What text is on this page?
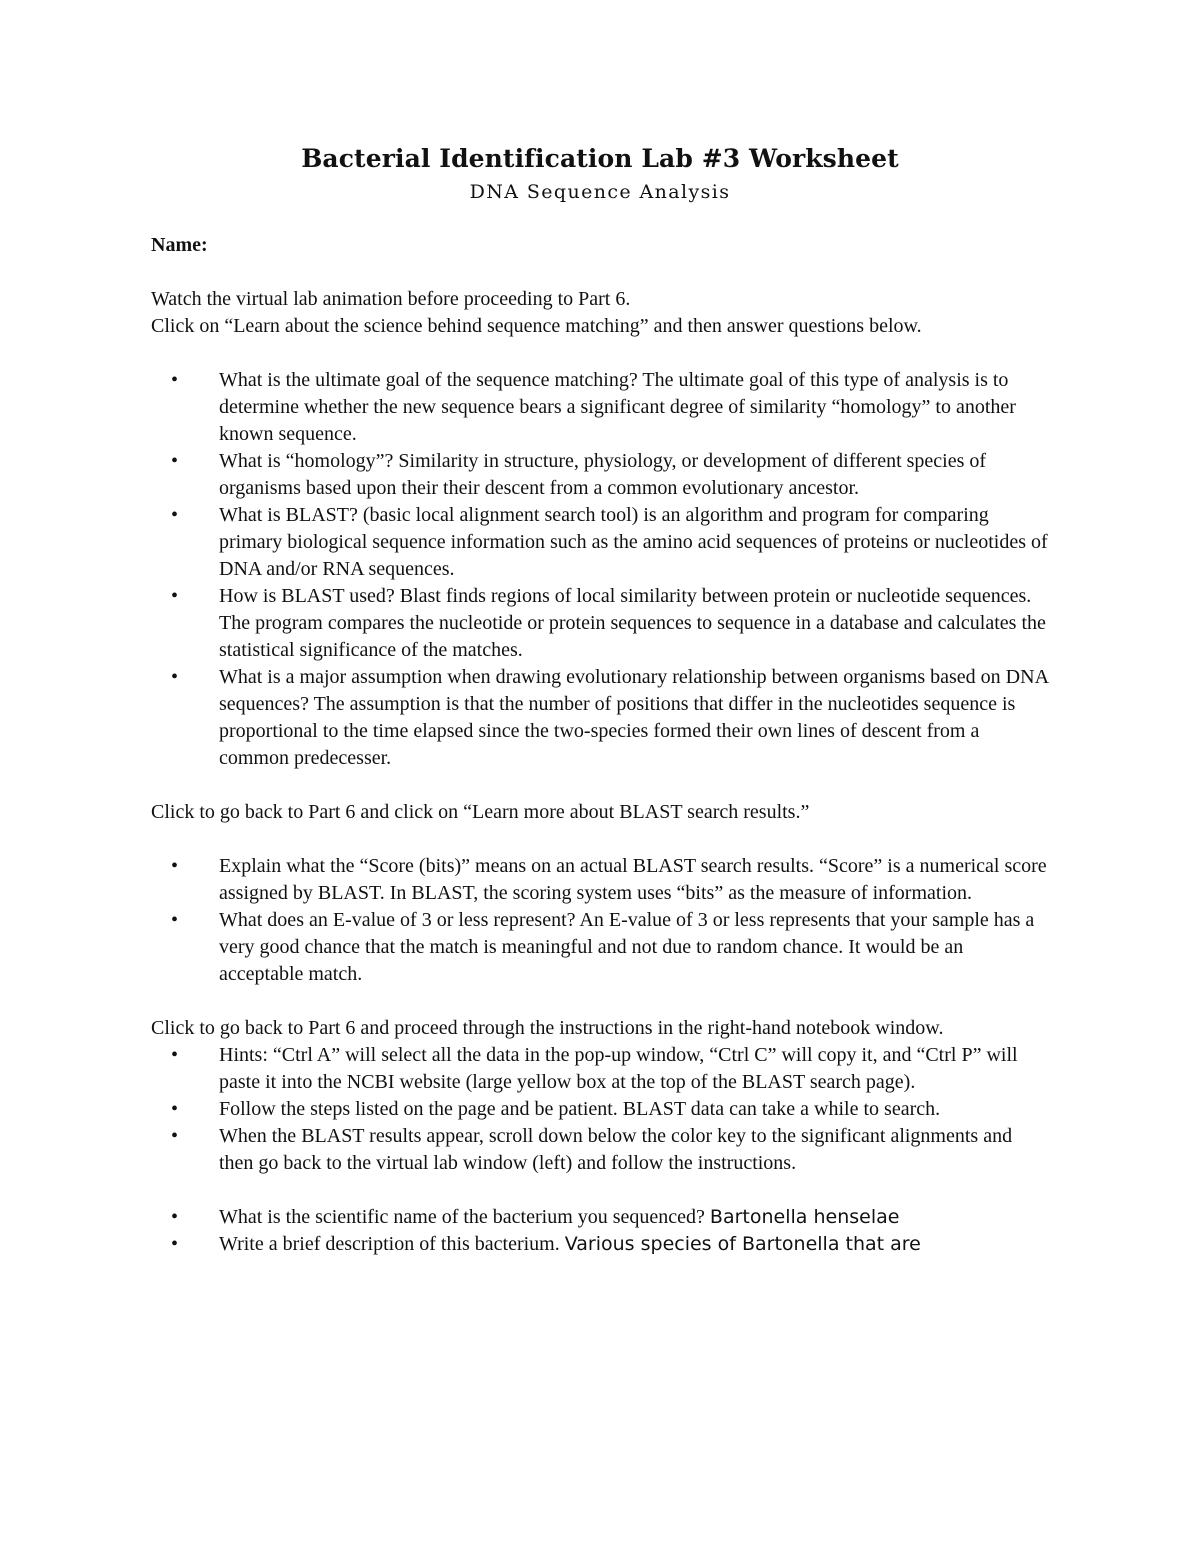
Bacterial Identification Lab #3 Worksheet
DNA Sequence Analysis

Name:

Watch the virtual lab animation before proceeding to Part 6.

Click on “Learn about the science behind sequence matching” and then answer questions below.

• What is the ultimate goal of the sequence matching? The ultimate goal of this type of analysis is to determine whether the new sequence bears a significant degree of similarity “homology” to another known sequence.
• What is “homology”? Similarity in structure, physiology, or development of different species of organisms based upon their their descent from a common evolutionary ancestor.
• What is BLAST? (basic local alignment search tool) is an algorithm and program for comparing primary biological sequence information such as the amino acid sequences of proteins or nucleotides of DNA and/or RNA sequences.
• How is BLAST used? Blast finds regions of local similarity between protein or nucleotide sequences. The program compares the nucleotide or protein sequences to sequence in a database and calculates the statistical significance of the matches.
• What is a major assumption when drawing evolutionary relationship between organisms based on DNA sequences? The assumption is that the number of positions that differ in the nucleotides sequence is proportional to the time elapsed since the two-species formed their own lines of descent from a common predecesser.

Click to go back to Part 6 and click on “Learn more about BLAST search results.”

• Explain what the “Score (bits)” means on an actual BLAST search results. “Score” is a numerical score assigned by BLAST. In BLAST, the scoring system uses “bits” as the measure of information.
• What does an E-value of 3 or less represent? An E-value of 3 or less represents that your sample has a very good chance that the match is meaningful and not due to random chance. It would be an acceptable match.

Click to go back to Part 6 and proceed through the instructions in the right-hand notebook window.

• Hints: “Ctrl A” will select all the data in the pop-up window, “Ctrl C” will copy it, and “Ctrl P” will paste it into the NCBI website (large yellow box at the top of the BLAST search page).
• Follow the steps listed on the page and be patient. BLAST data can take a while to search.
• When the BLAST results appear, scroll down below the color key to the significant alignments and then go back to the virtual lab window (left) and follow the instructions.
• What is the scientific name of the bacterium you sequenced? Bartonella henselae
• Write a brief description of this bacterium. Various species of Bartonella that are
